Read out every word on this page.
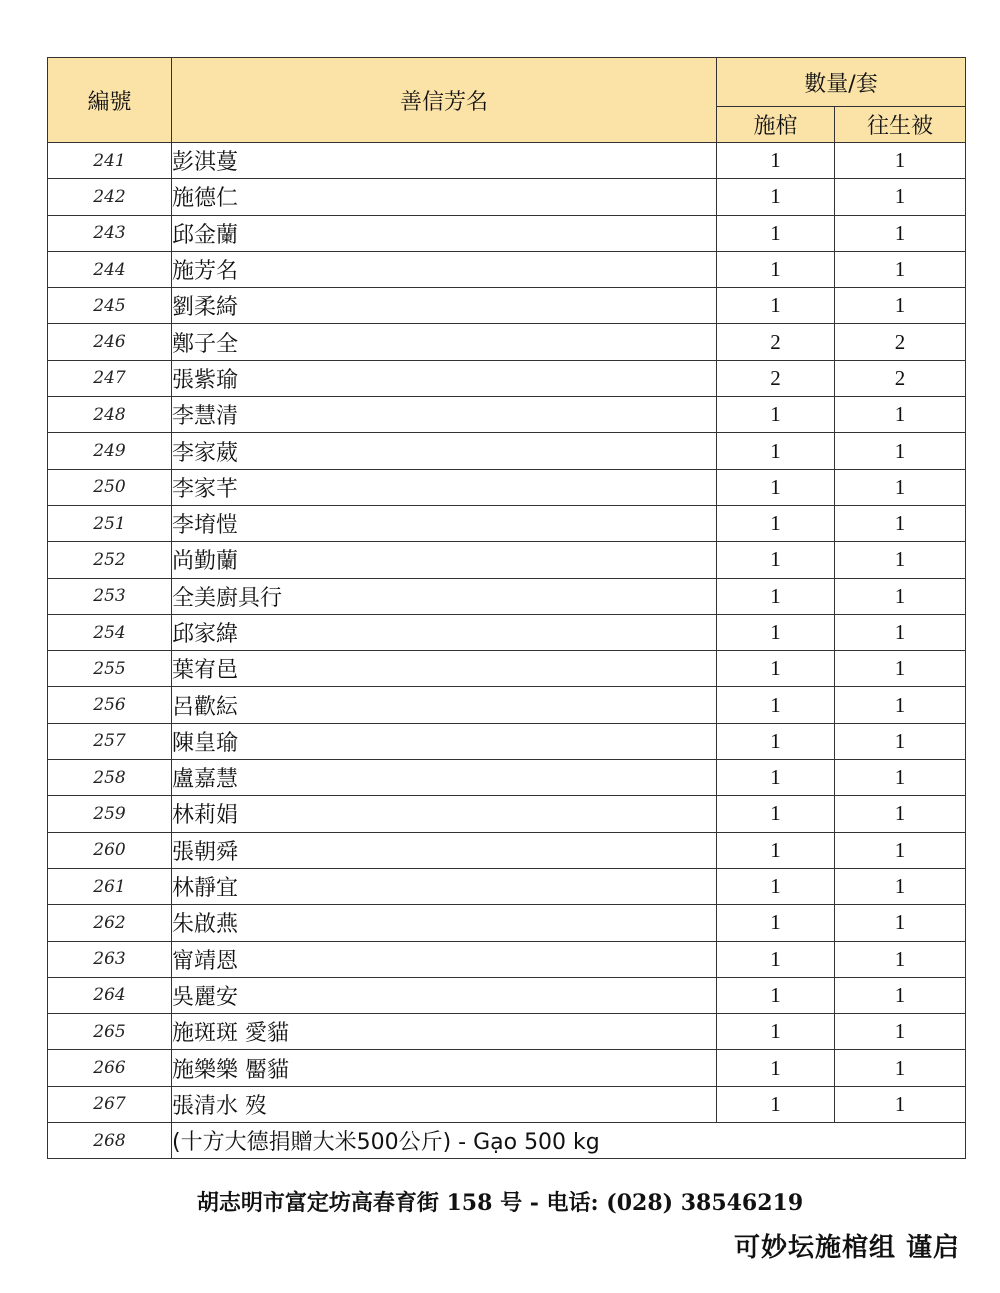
編號	善信芳名	數量/套	
		施棺	往生被
241	彭淇蔓	1	1
242	施德仁	1	1
243	邱金蘭	1	1
244	施芳名	1	1
245	劉柔綺	1	1
246	鄭子全	2	2
247	張紫瑜	2	2
248	李慧清	1	1
249	李家葳	1	1
250	李家芊	1	1
251	李堉愷	1	1
252	尚勤蘭	1	1
253	全美廚具行	1	1
254	邱家緯	1	1
255	葉宥邑	1	1
256	呂歡紜	1	1
257	陳皇瑜	1	1
258	盧嘉慧	1	1
259	林莉娟	1	1
260	張朝舜	1	1
261	林靜宜	1	1
262	朱啟燕	1	1
263	甯靖恩	1	1
264	吳麗安	1	1
265	施斑斑 愛貓	1	1
266	施樂樂 靨貓	1	1
267	張清水 歿	1	1
268	(十方大德捐贈大米500公斤) - Gạo 500 kg		
胡志明市富定坊高春育街 158 号 - 电话: (028) 38546219
可妙坛施棺组 谨启
